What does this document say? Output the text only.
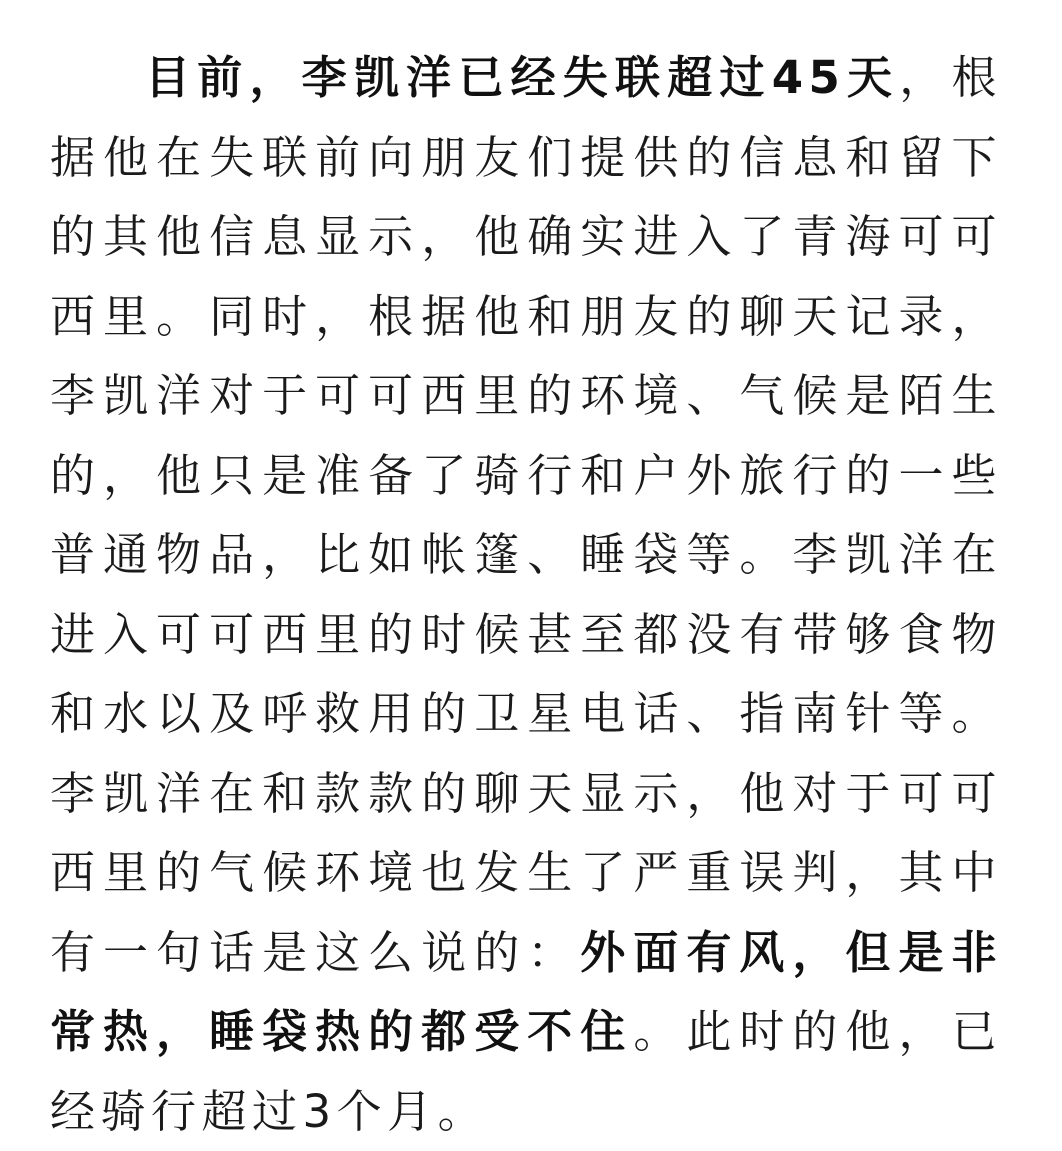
目前，李凯洋已经失联超过45天，根据他在失联前向朋友们提供的信息和留下的其他信息显示，他确实进入了青海可可西里。同时，根据他和朋友的聊天记录，李凯洋对于可可西里的环境、气候是陌生的，他只是准备了骑行和户外旅行的一些普通物品，比如帐篷、睡袋等。李凯洋在进入可可西里的时候甚至都没有带够食物和水以及呼救用的卫星电话、指南针等。李凯洋在和款款的聊天显示，他对于可可西里的气候环境也发生了严重误判，其中有一句话是这么说的：外面有风，但是非常热，睡袋热的都受不住。此时的他，已经骑行超过3个月。
